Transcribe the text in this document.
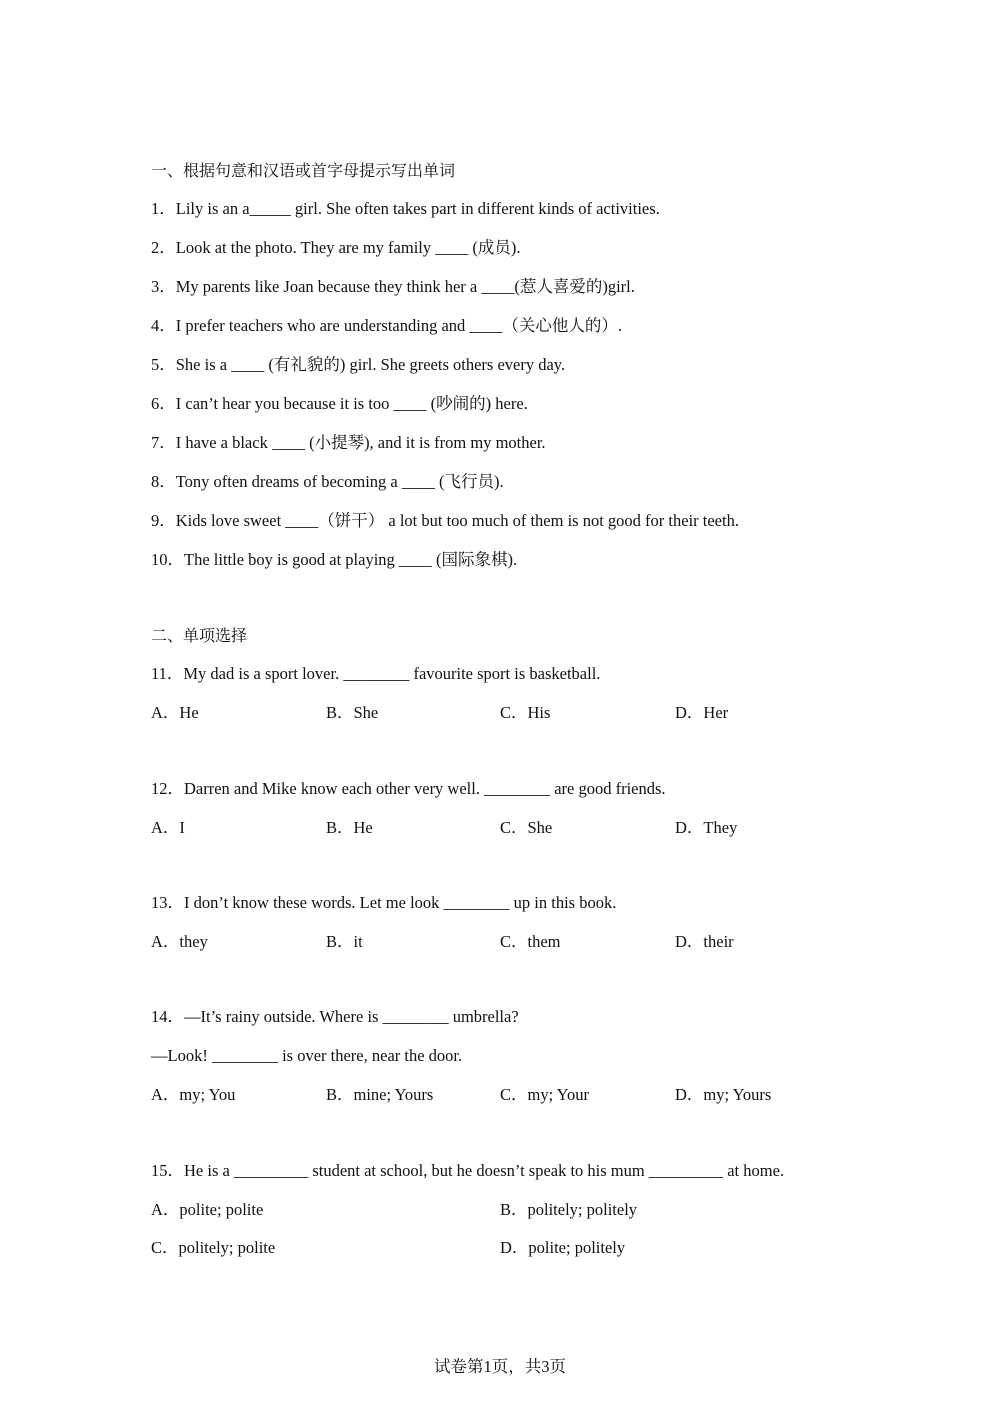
一、根据句意和汉语或首字母提示写出单词
1．Lily is an a_____ girl. She often takes part in different kinds of activities.
2．Look at the photo. They are my family ____ (成员).
3．My parents like Joan because they think her a ____(惹人喜爱的)girl.
4．I prefer teachers who are understanding and ____（关心他人的）.
5．She is a ____ (有礼貌的) girl. She greets others every day.
6．I can’t hear you because it is too ____ (吵闹的) here.
7．I have a black ____ (小提琴), and it is from my mother.
8．Tony often dreams of becoming a ____ (飞行员).
9．Kids love sweet ____（饼干） a lot but too much of them is not good for their teeth.
10．The little boy is good at playing ____ (国际象棋).
二、单项选择
11．My dad is a sport lover. ________ favourite sport is basketball.
A．He	B．She	C．His	D．Her
12．Darren and Mike know each other very well. ________ are good friends.
A．I	B．He	C．She	D．They
13．I don’t know these words. Let me look ________ up in this book.
A．they	B．it	C．them	D．their
14．—It’s rainy outside. Where is ________ umbrella?
—Look! ________ is over there, near the door.
A．my; You	B．mine; Yours	C．my; Your	D．my; Yours
15．He is a _________ student at school, but he doesn’t speak to his mum _________ at home.
A．polite; polite	B．politely; politely
C．politely; polite	D．polite; politely
试卷第1页，共3页
